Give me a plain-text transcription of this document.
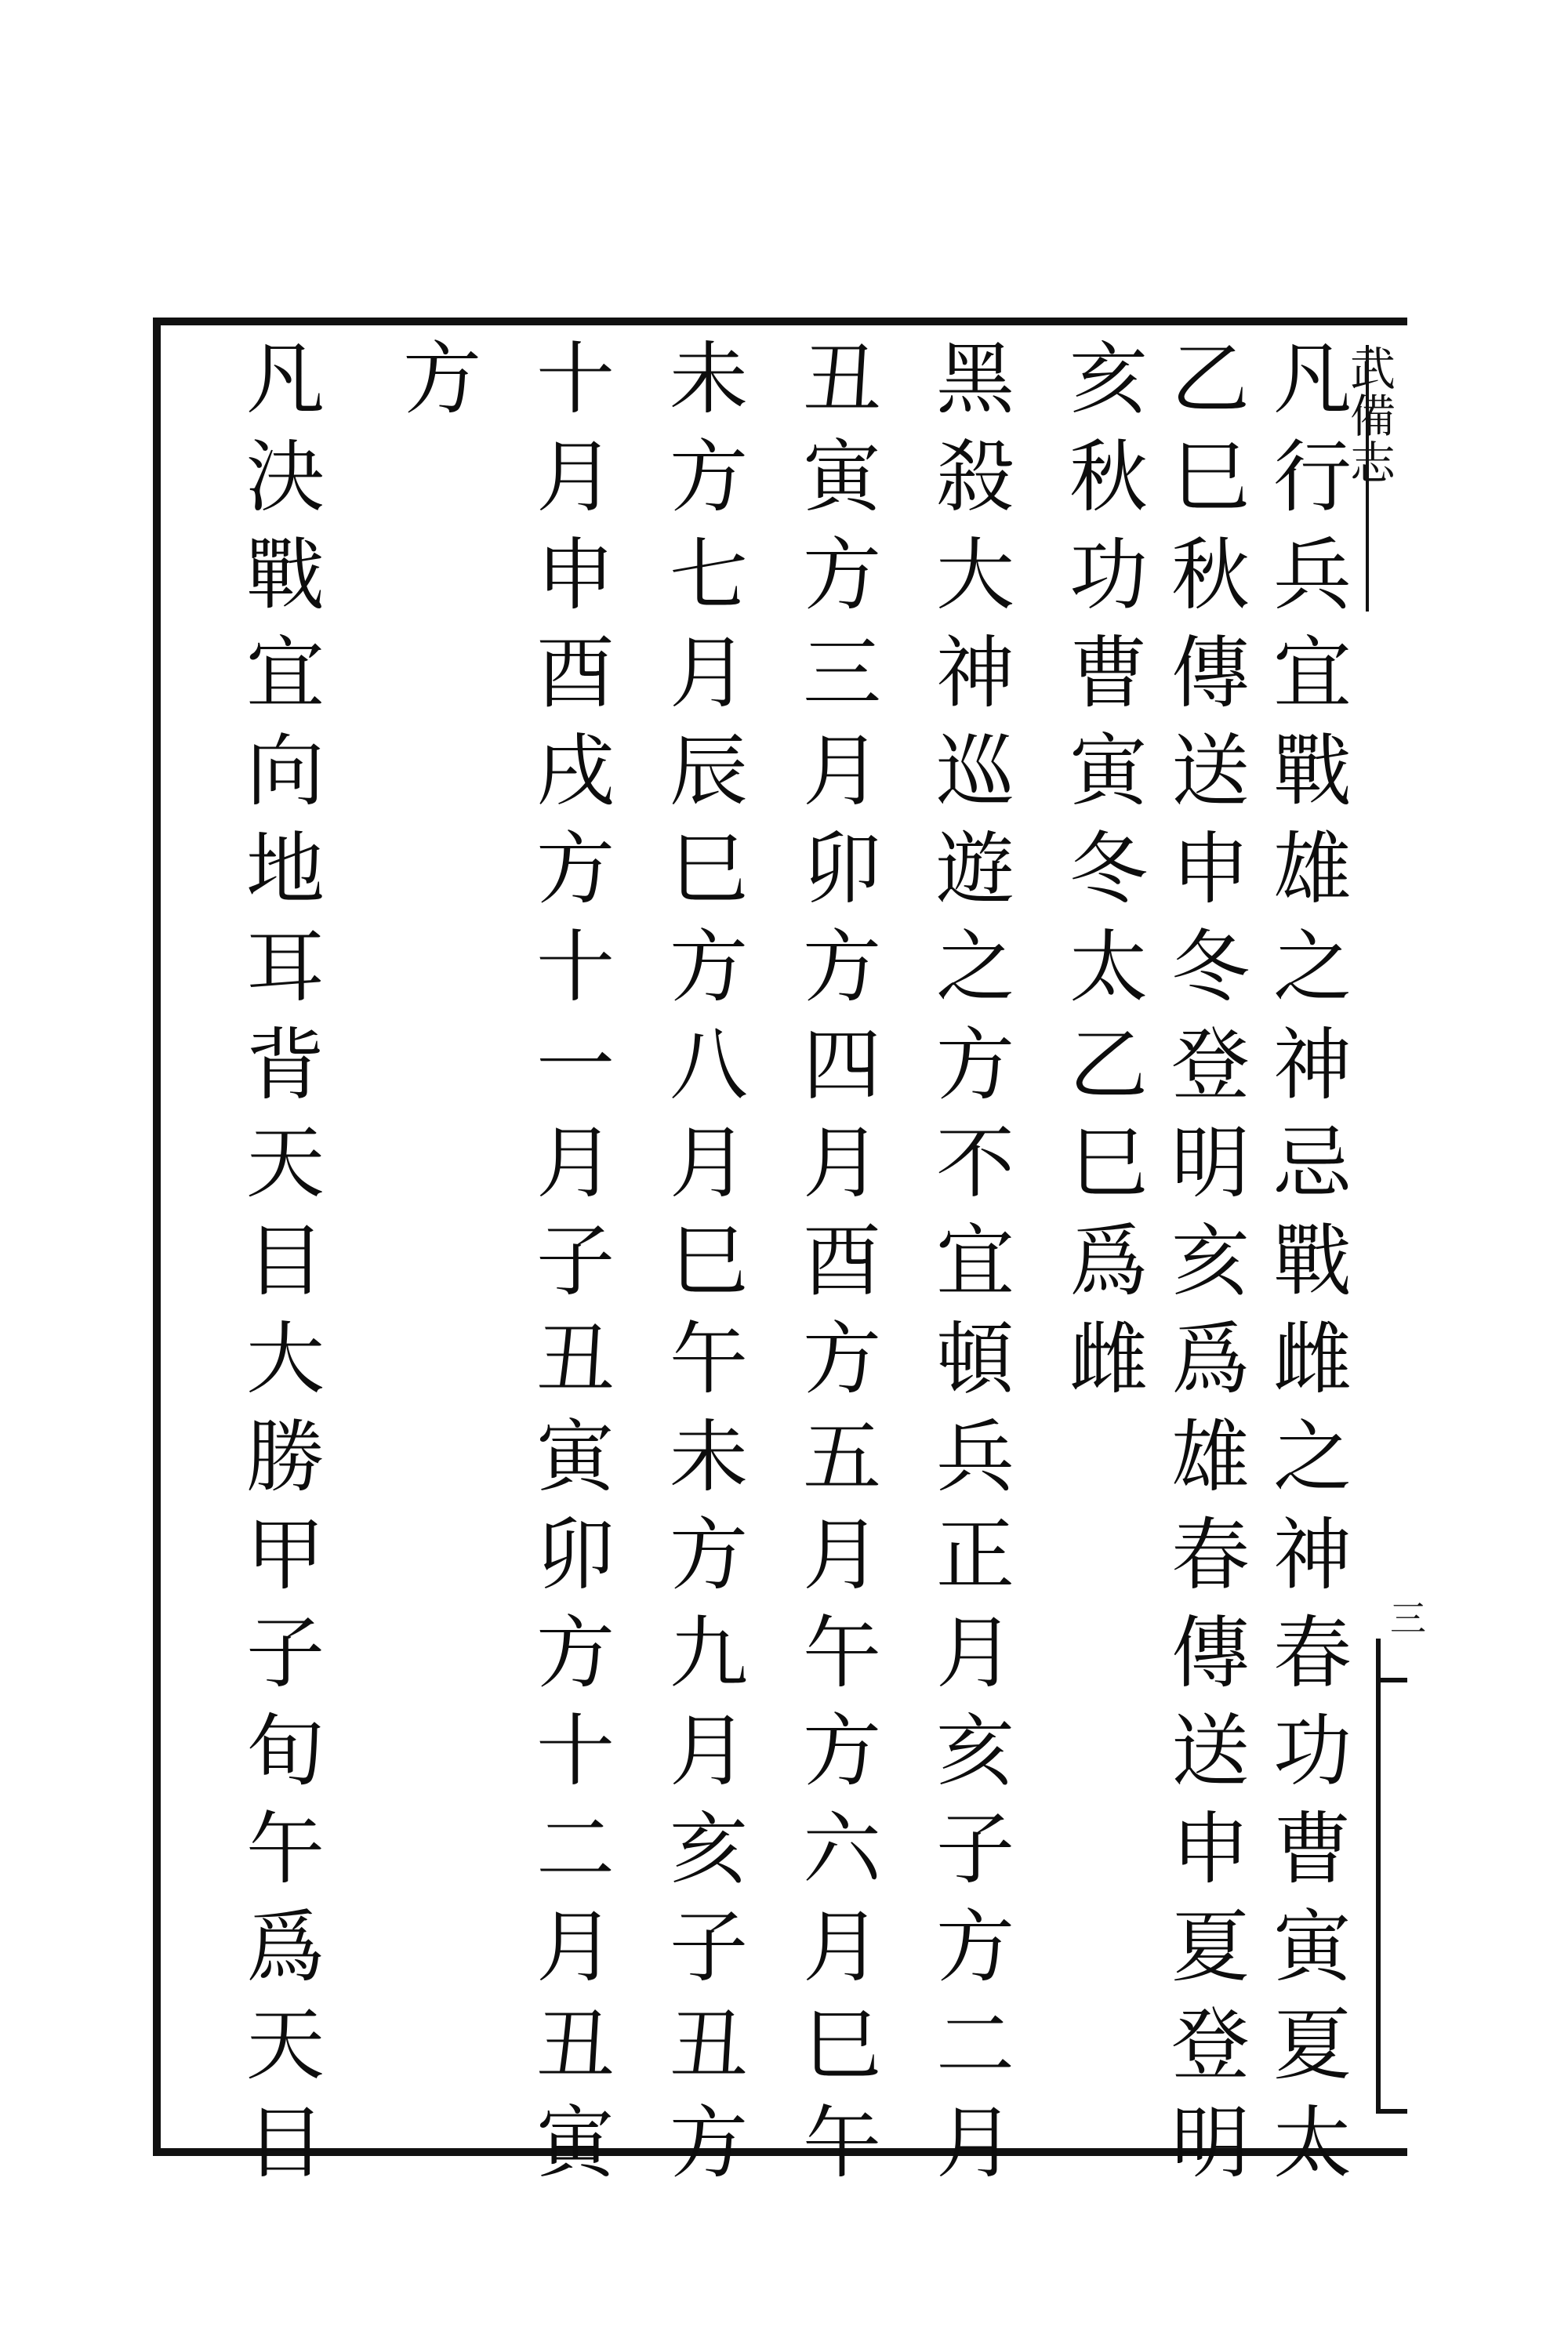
武備志
三
凡行兵宜戰雄之神忌戰雌之神春功曹寅夏太
乙巳秋傳送申冬登明亥爲雄春傳送申夏登明
亥秋功曹寅冬太乙巳爲雌
黑殺大神巡遊之方不宜頓兵正月亥子方二月
丑寅方三月卯方四月酉方五月午方六月巳午
未方七月辰巳方八月巳午未方九月亥子丑方
十月申酉戌方十一月子丑寅卯方十二月丑寅
方
凡決戰宜向地耳背天目大勝甲子旬午爲天目
